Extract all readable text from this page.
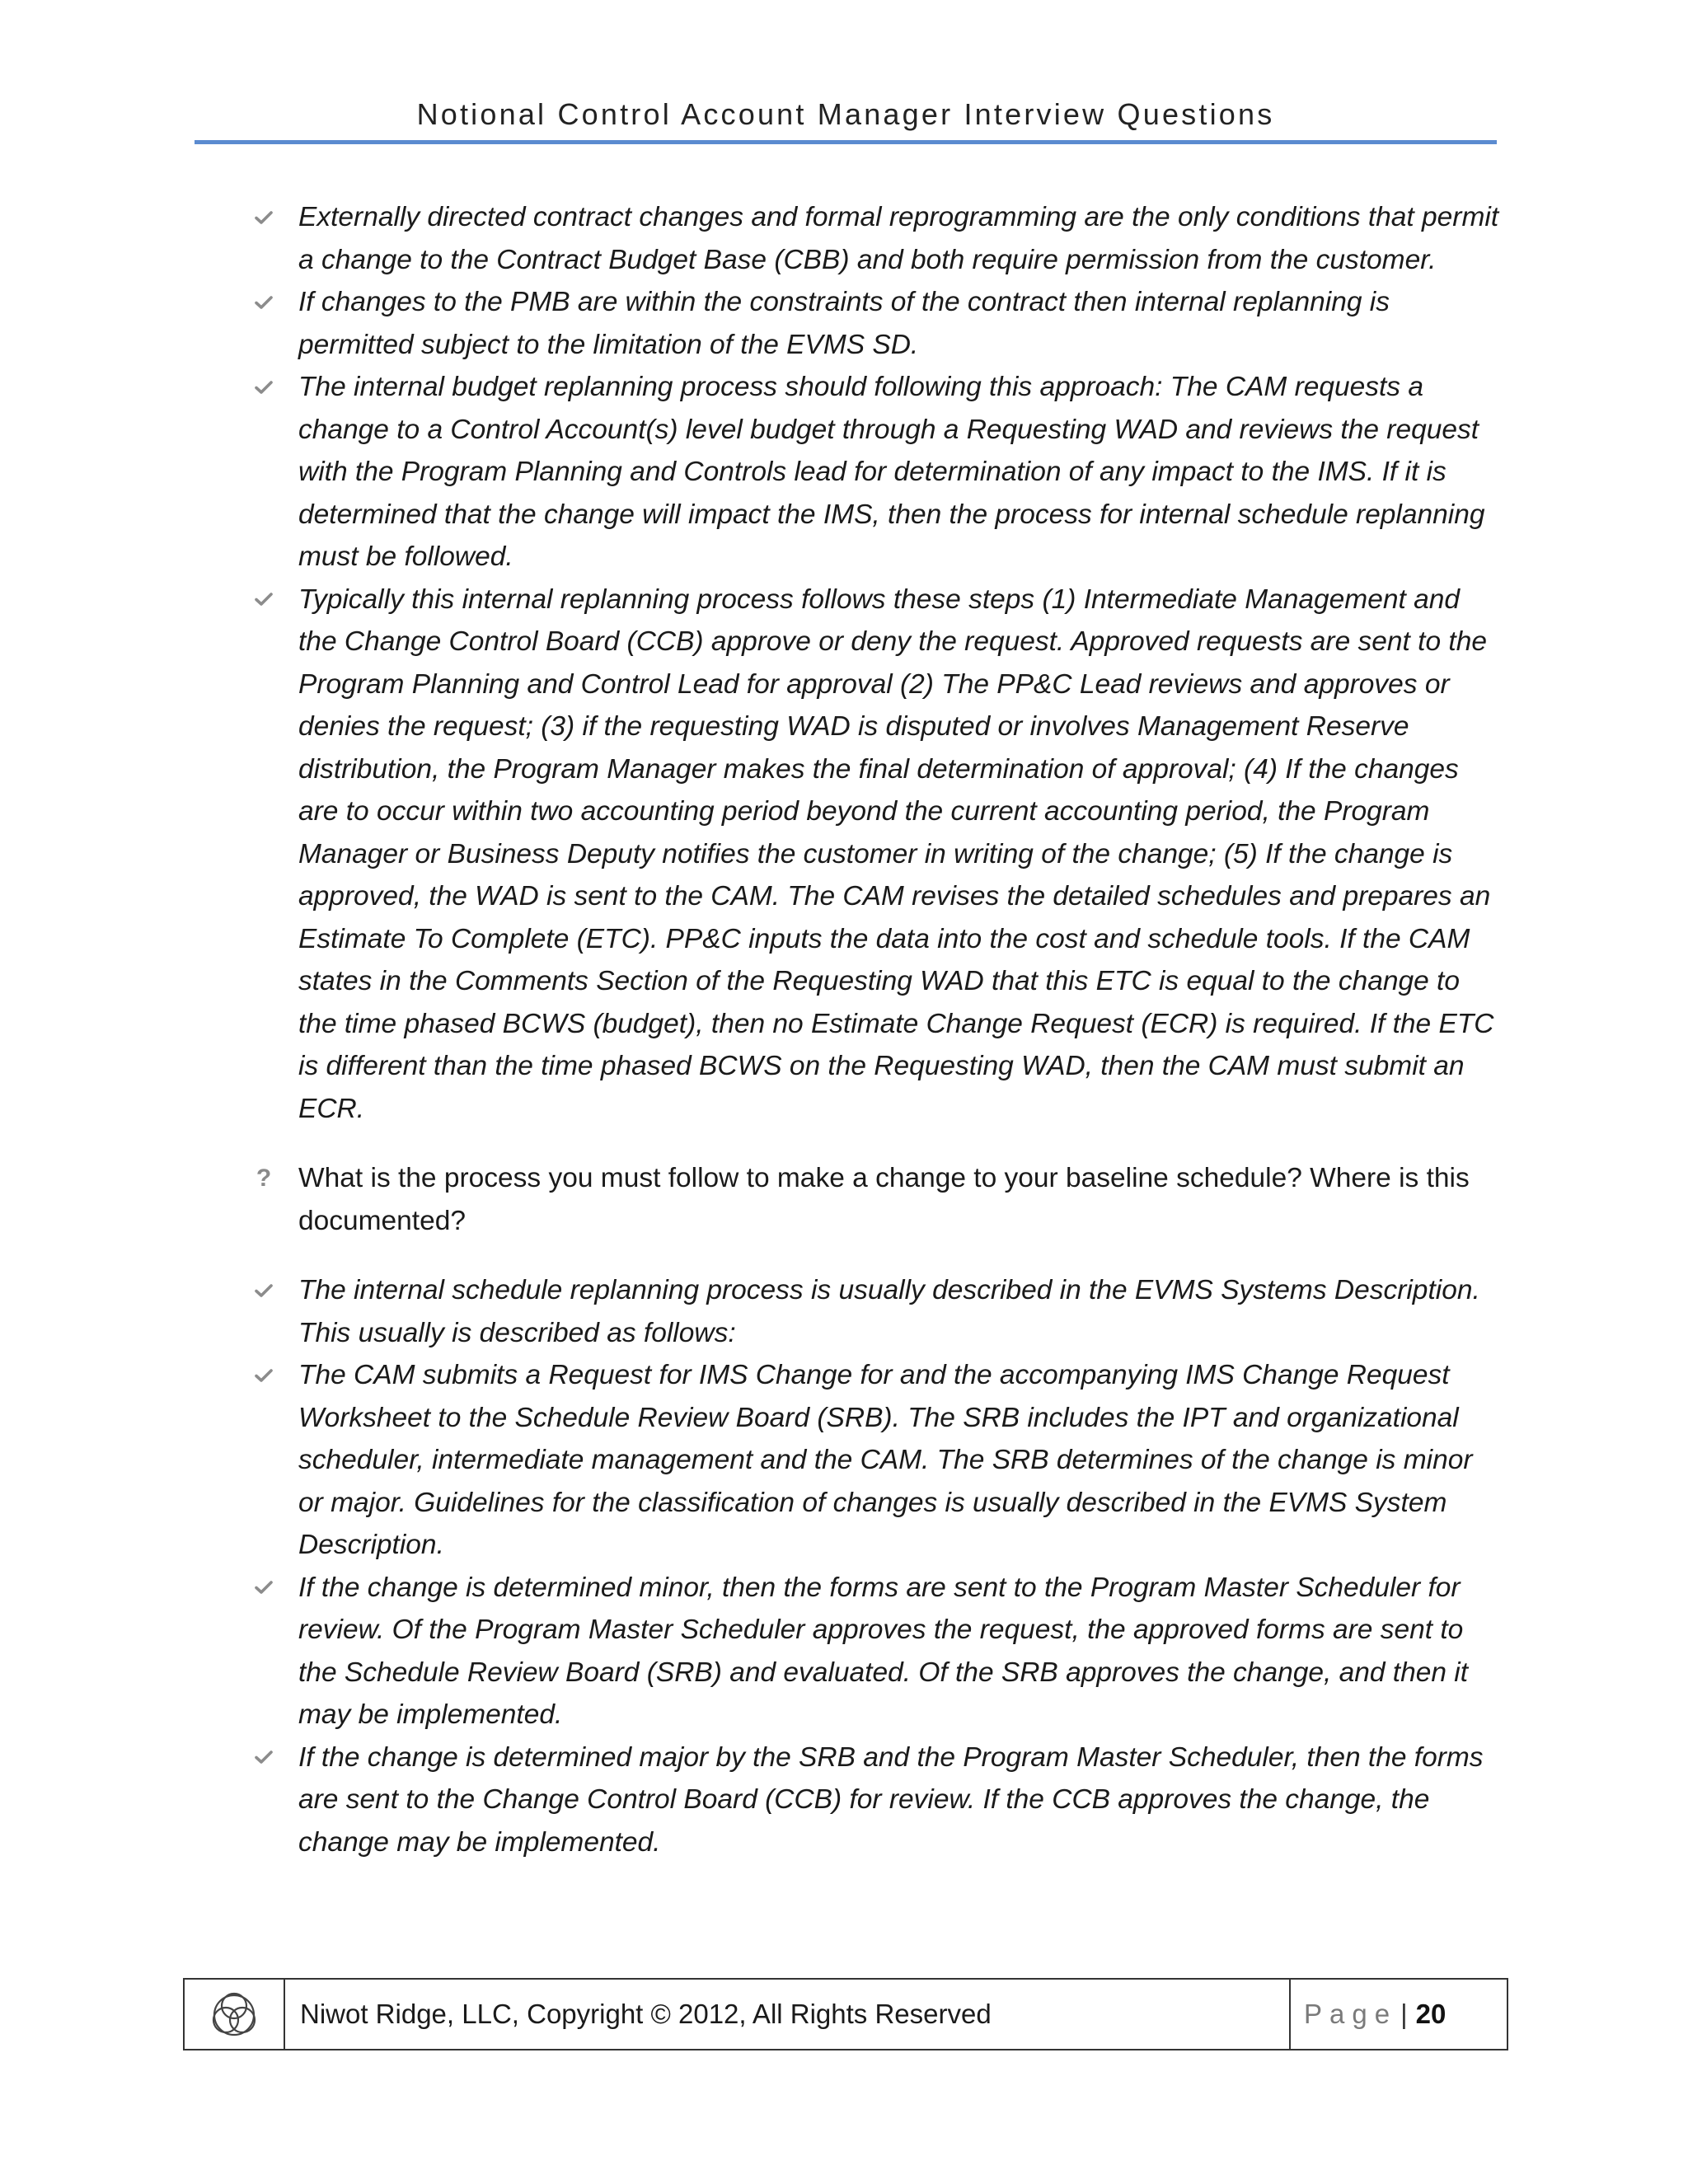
Notional Control Account Manager Interview Questions
Externally directed contract changes and formal reprogramming are the only conditions that permit a change to the Contract Budget Base (CBB) and both require permission from the customer.
If changes to the PMB are within the constraints of the contract then internal replanning is permitted subject to the limitation of the EVMS SD.
The internal budget replanning process should following this approach: The CAM requests a change to a Control Account(s) level budget through a Requesting WAD and reviews the request with the Program Planning and Controls lead for determination of any impact to the IMS. If it is determined that the change will impact the IMS, then the process for internal schedule replanning must be followed.
Typically this internal replanning process follows these steps (1) Intermediate Management and the Change Control Board (CCB) approve or deny the request. Approved requests are sent to the Program Planning and Control Lead for approval (2) The PP&C Lead reviews and approves or denies the request; (3) if the requesting WAD is disputed or involves Management Reserve distribution, the Program Manager makes the final determination of approval; (4) If the changes are to occur within two accounting period beyond the current accounting period, the Program Manager or Business Deputy notifies the customer in writing of the change; (5) If the change is approved, the WAD is sent to the CAM. The CAM revises the detailed schedules and prepares an Estimate To Complete (ETC). PP&C inputs the data into the cost and schedule tools. If the CAM states in the Comments Section of the Requesting WAD that this ETC is equal to the change to the time phased BCWS (budget), then no Estimate Change Request (ECR) is required. If the ETC is different than the time phased BCWS on the Requesting WAD, then the CAM must submit an ECR.
? What is the process you must follow to make a change to your baseline schedule? Where is this documented?
The internal schedule replanning process is usually described in the EVMS Systems Description. This usually is described as follows:
The CAM submits a Request for IMS Change for and the accompanying IMS Change Request Worksheet to the Schedule Review Board (SRB). The SRB includes the IPT and organizational scheduler, intermediate management and the CAM. The SRB determines of the change is minor or major. Guidelines for the classification of changes is usually described in the EVMS System Description.
If the change is determined minor, then the forms are sent to the Program Master Scheduler for review. Of the Program Master Scheduler approves the request, the approved forms are sent to the Schedule Review Board (SRB) and evaluated. Of the SRB approves the change, and then it may be implemented.
If the change is determined major by the SRB and the Program Master Scheduler, then the forms are sent to the Change Control Board (CCB) for review. If the CCB approves the change, the change may be implemented.
Niwot Ridge, LLC, Copyright © 2012, All Rights Reserved	Page | 20
